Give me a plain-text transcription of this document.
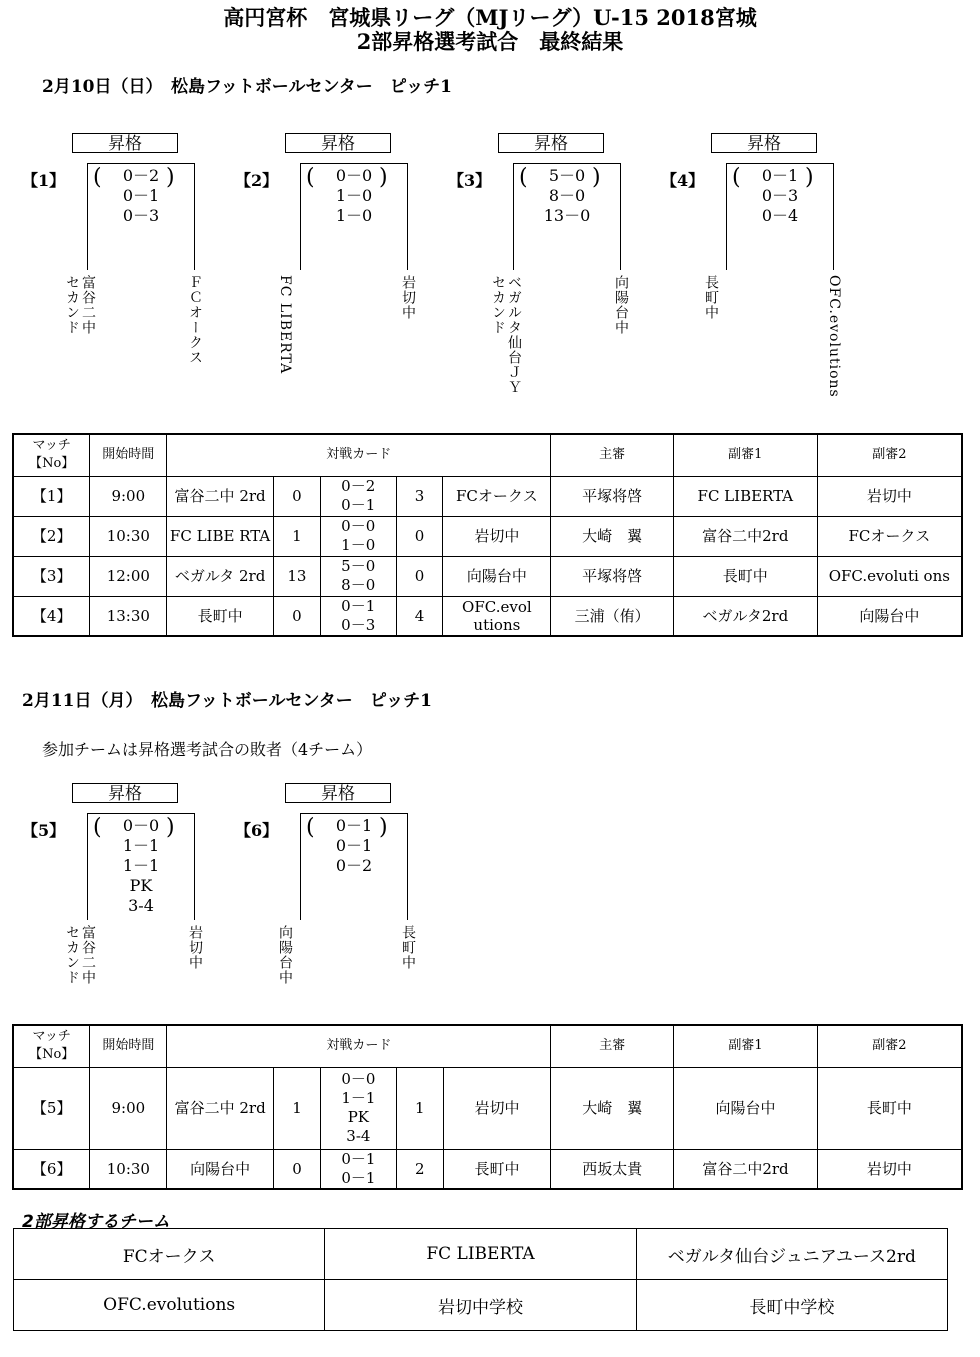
高円宮杯　宮城県リーグ（MJリーグ）U-15 2018宮城
2部昇格選考試合　最終結果
2月10日（日）　松島フットボールセンター　ピッチ1
昇格
【1】	0－2
0－1
0－3
(	)
富谷二中
セカンド	ＦＣオークス
昇格
【2】	0－0
1－0
1－0
(	)
FC LIBERTA	岩切中
昇格
【3】	5－0
8－0
13－0
(	)
ベガルタ仙台ＪＹ
セカンド	向陽台中
昇格
【4】	0－1
0－3
0－4
(	)
長町中	OFC.evolutions
マッチ【No】	開始時間	対戦カード					主審	副審1	副審2
【1】	9:00	富谷二中 2rd	0	0－2
0－1	3	FCオークス	平塚将啓	FC LIBERTA	岩切中
【2】	10:30	FC LIBE RTA	1	0－0
1－0	0	岩切中	大崎　翼	富谷二中2rd	FCオークス
【3】	12:00	ベガルタ 2rd	13	5－0
8－0	0	向陽台中	平塚将啓	長町中	OFC.evoluti ons
【4】	13:30	長町中	0	0－1
0－3	4	OFC.evol utions	三浦（侑）	ベガルタ2rd	向陽台中
2月11日（月）　松島フットボールセンター　ピッチ1
参加チームは昇格選考試合の敗者（4チーム）
昇格
【5】	0－0
1－1
1－1
PK
3-4
(	)
富谷二中
セカンド	岩切中
昇格
【6】	0－1
0－1
0－2
(	)
向陽台中	長町中
マッチ【No】	開始時間	対戦カード					主審	副審1	副審2
【5】	9:00	富谷二中 2rd	1	0－0
1－1
PK
3-4	1	岩切中	大崎　翼	向陽台中	長町中
【6】	10:30	向陽台中	0	0－1
0－1	2	長町中	西坂太貴	富谷二中2rd	岩切中
2部昇格するチーム
FCオークス	FC LIBERTA	ベガルタ仙台ジュニアユース2rd
OFC.evolutions	岩切中学校	長町中学校
